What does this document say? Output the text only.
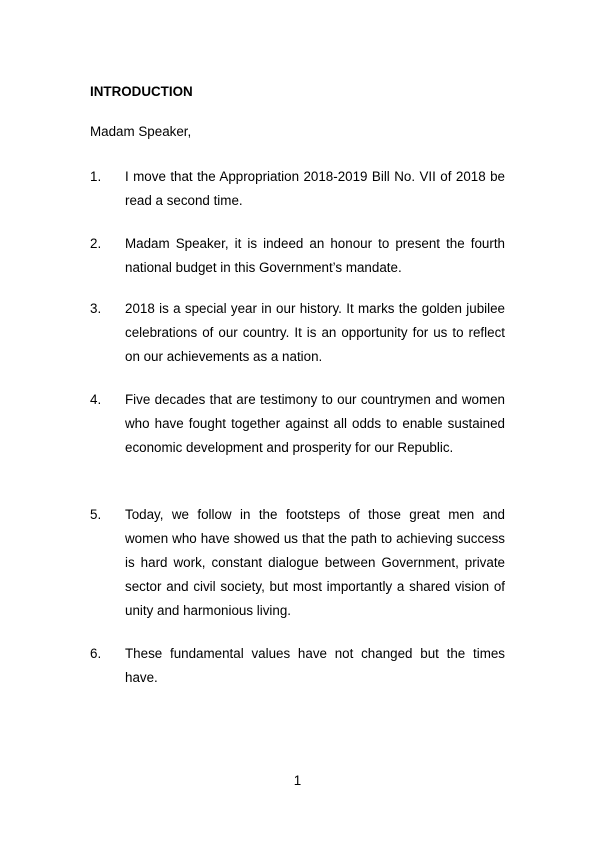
INTRODUCTION

Madam Speaker,

1.	I move that the Appropriation 2018-2019 Bill No. VII of 2018 be read a second time.

2.	Madam Speaker, it is indeed an honour to present the fourth national budget in this Government’s mandate.

3.	2018 is a special year in our history. It marks the golden jubilee celebrations of our country. It is an opportunity for us to reflect on our achievements as a nation.

4.	Five decades that are testimony to our countrymen and women who have fought together against all odds to enable sustained economic development and prosperity for our Republic.

5.	Today, we follow in the footsteps of those great men and women who have showed us that the path to achieving success is hard work, constant dialogue between Government, private sector and civil society, but most importantly a shared vision of unity and harmonious living.

6.	These fundamental values have not changed but the times have.

1
